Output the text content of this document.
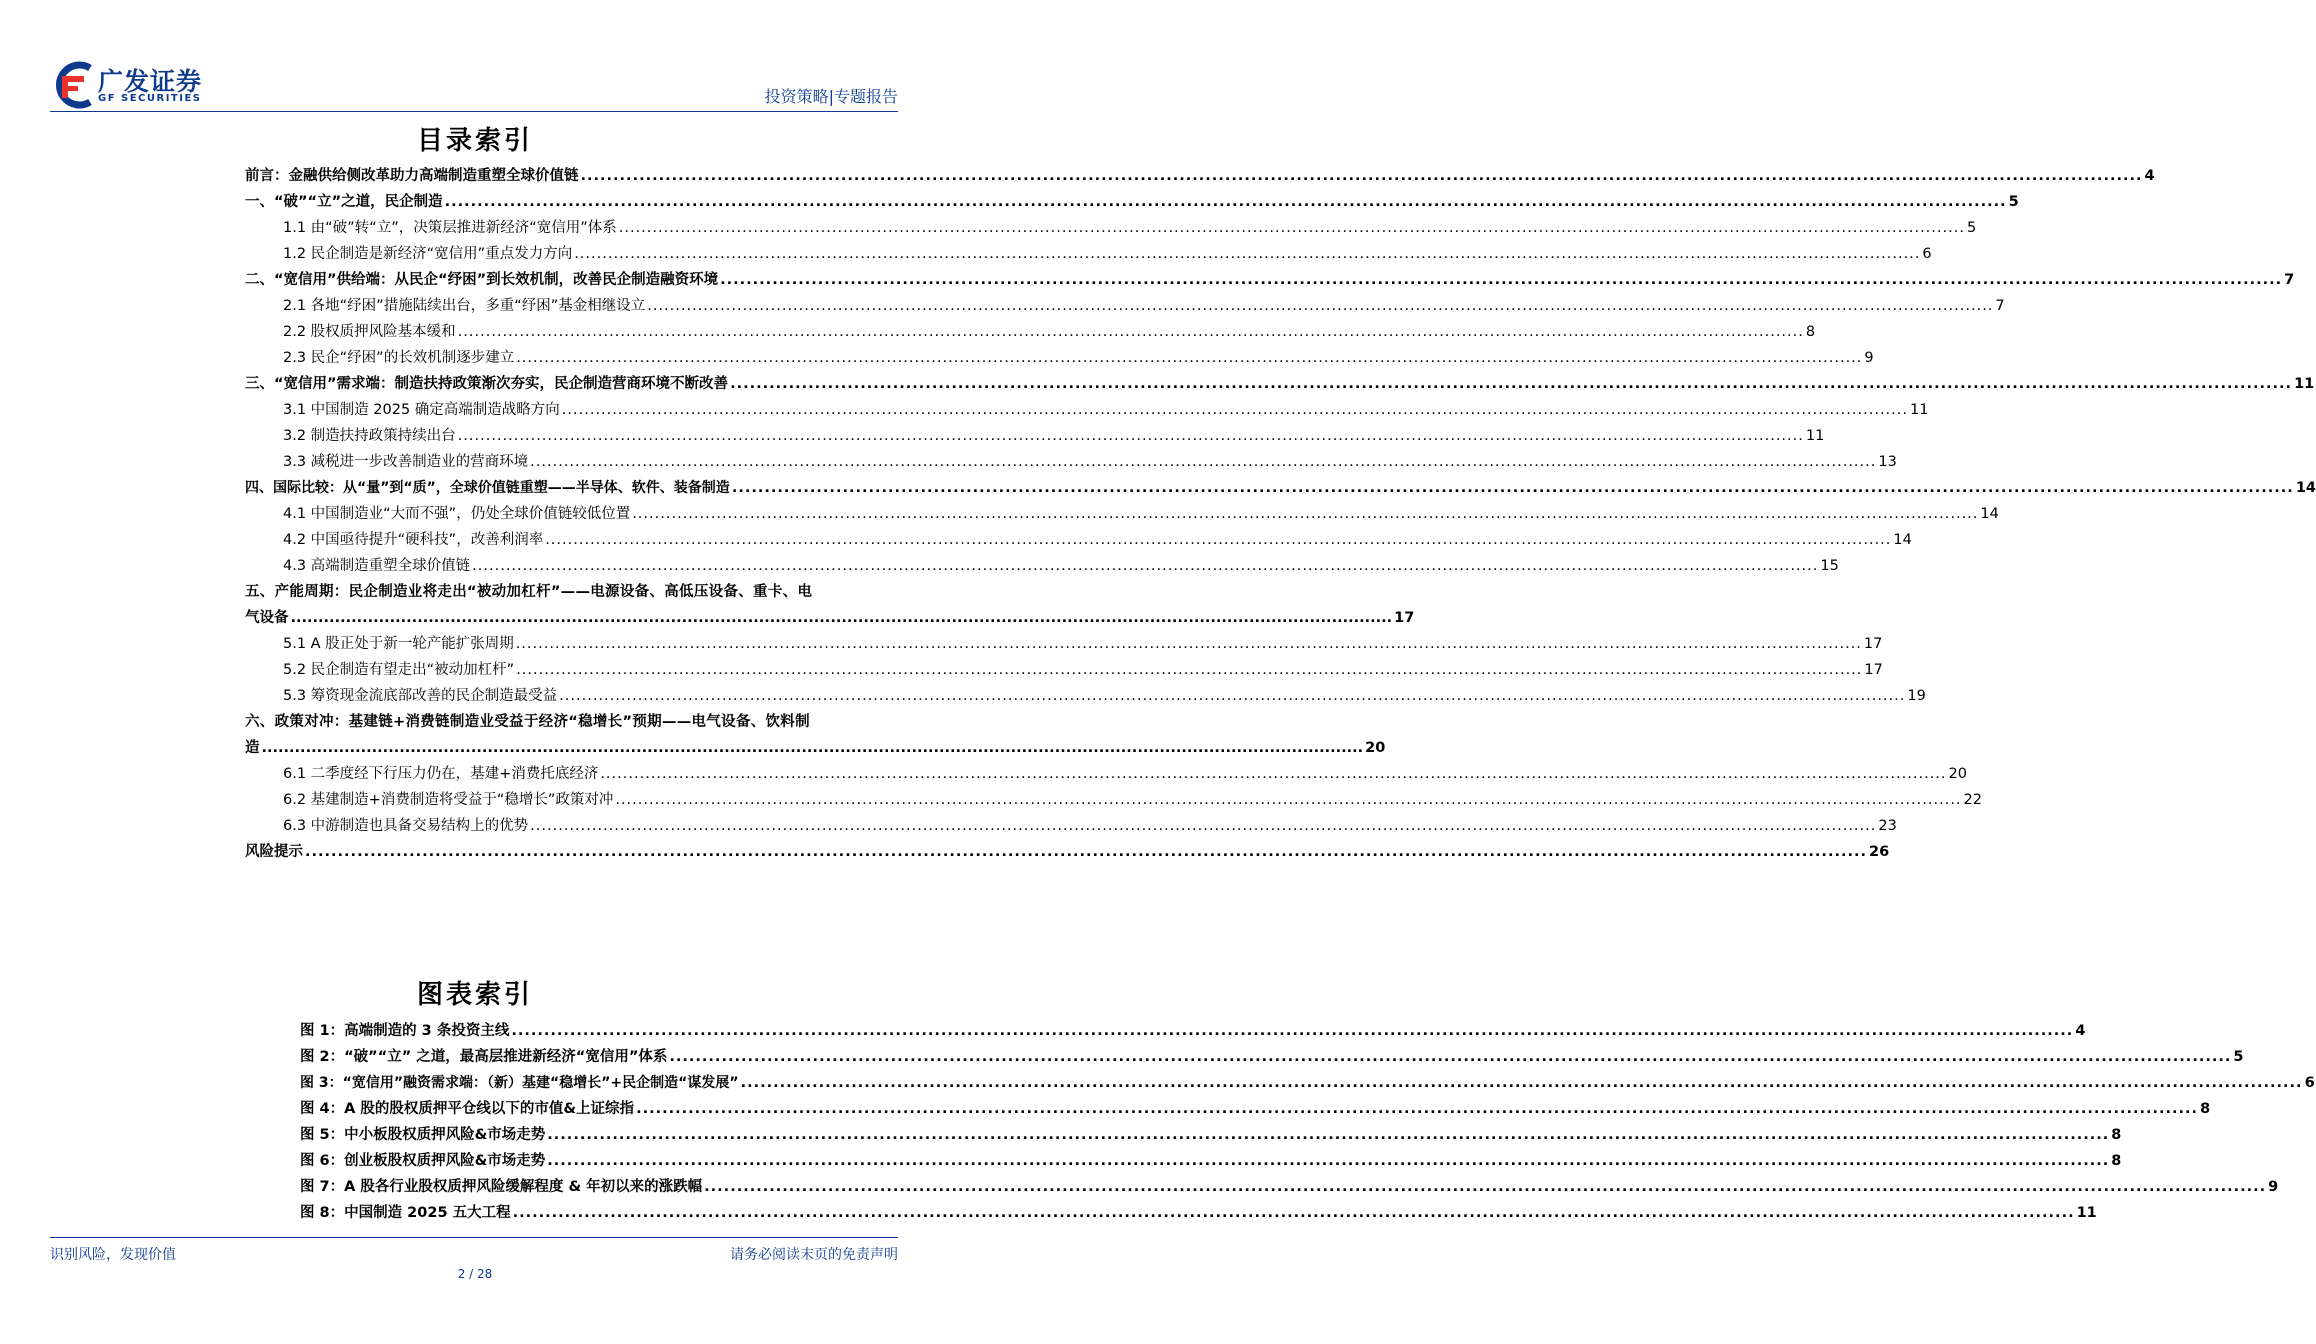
广发证券
GF SECURITIES	投资策略|专题报告
目录索引
前言：金融供给侧改革助力高端制造重塑全球价值链 .....	4
一、“破”“立”之道，民企制造 .....	5
1.1 由“破”转“立”，决策层推进新经济“宽信用”体系 .....	5
1.2 民企制造是新经济“宽信用”重点发力方向 .....	6
二、“宽信用”供给端：从民企“纾困”到长效机制，改善民企制造融资环境 .....	7
2.1 各地“纾困”措施陆续出台，多重“纾困”基金相继设立 .....	7
2.2 股权质押风险基本缓和 .....	8
2.3 民企“纾困”的长效机制逐步建立 .....	9
三、“宽信用”需求端：制造扶持政策渐次夯实，民企制造营商环境不断改善 .....	11
3.1 中国制造 2025 确定高端制造战略方向 .....	11
3.2 制造扶持政策持续出台 .....	11
3.3 减税进一步改善制造业的营商环境 .....	13
四、国际比较：从“量”到“质”，全球价值链重塑——半导体、软件、装备制造 .....	14
4.1 中国制造业“大而不强”，仍处全球价值链较低位置 .....	14
4.2 中国亟待提升“硬科技”，改善利润率 .....	14
4.3 高端制造重塑全球价值链 .....	15
五、产能周期：民企制造业将走出“被动加杠杆”——电源设备、高低压设备、重卡、电
气设备 ........................................................................................................................................................................................................ 17
5.1 A 股正处于新一轮产能扩张周期 .....	17
5.2 民企制造有望走出“被动加杠杆” .....	17
5.3 筹资现金流底部改善的民企制造最受益 .....	19
六、政策对冲：基建链+消费链制造业受益于经济“稳增长”预期——电气设备、饮料制
造 ........................................................................................................................................................................................................ 20
6.1 二季度经下行压力仍在，基建+消费托底经济 .....	20
6.2 基建制造+消费制造将受益于“稳增长”政策对冲 .....	22
6.3 中游制造也具备交易结构上的优势 .....	23
风险提示 .....	26
图表索引
图 1：高端制造的 3 条投资主线 .....	4
图 2：“破”“立” 之道，最高层推进新经济“宽信用”体系 .....	5
图 3：“宽信用”融资需求端：（新）基建“稳增长”+民企制造“谋发展” .....	6
图 4：A 股的股权质押平仓线以下的市值&上证综指 .....	8
图 5：中小板股权质押风险&市场走势 .....	8
图 6：创业板股权质押风险&市场走势 .....	8
图 7：A 股各行业股权质押风险缓解程度 & 年初以来的涨跌幅 .....	9
图 8：中国制造 2025 五大工程 .....	11
识别风险，发现价值	请务必阅读末页的免责声明
2 / 28
